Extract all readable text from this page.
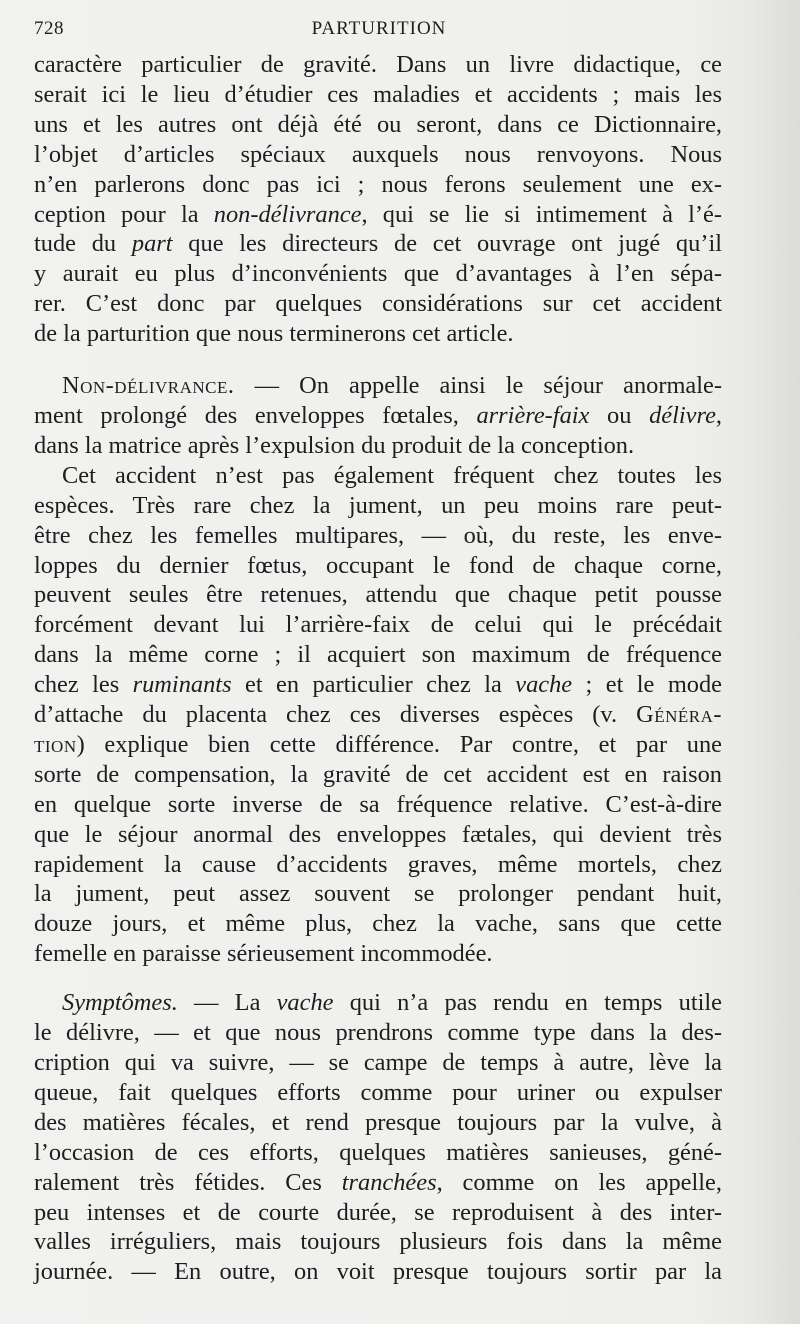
728	PARTURITION

caractère particulier de gravité. Dans un livre didactique, ce

serait ici le lieu d’étudier ces maladies et accidents ; mais les

uns et les autres ont déjà été ou seront, dans ce Dictionnaire,

l’objet d’articles spéciaux auxquels nous renvoyons. Nous

n’en parlerons donc pas ici ; nous ferons seulement une ex-

ception pour la non-délivrance, qui se lie si intimement à l’é-

tude du part que les directeurs de cet ouvrage ont jugé qu’il

y aurait eu plus d’inconvénients que d’avantages à l’en sépa-

rer. C’est donc par quelques considérations sur cet accident

de la parturition que nous terminerons cet article.

Non-délivrance. — On appelle ainsi le séjour anormale-

ment prolongé des enveloppes fœtales, arrière-faix ou délivre,

dans la matrice après l’expulsion du produit de la conception.

Cet accident n’est pas également fréquent chez toutes les

espèces. Très rare chez la jument, un peu moins rare peut-

être chez les femelles multipares, — où, du reste, les enve-

loppes du dernier fœtus, occupant le fond de chaque corne,

peuvent seules être retenues, attendu que chaque petit pousse

forcément devant lui l’arrière-faix de celui qui le précédait

dans la même corne ; il acquiert son maximum de fréquence

chez les ruminants et en particulier chez la vache ; et le mode

d’attache du placenta chez ces diverses espèces (v. Généra-

tion) explique bien cette différence. Par contre, et par une

sorte de compensation, la gravité de cet accident est en raison

en quelque sorte inverse de sa fréquence relative. C’est-à-dire

que le séjour anormal des enveloppes fætales, qui devient très

rapidement la cause d’accidents graves, même mortels, chez

la jument, peut assez souvent se prolonger pendant huit,

douze jours, et même plus, chez la vache, sans que cette

femelle en paraisse sérieusement incommodée.

Symptômes. — La vache qui n’a pas rendu en temps utile

le délivre, — et que nous prendrons comme type dans la des-

cription qui va suivre, — se campe de temps à autre, lève la

queue, fait quelques efforts comme pour uriner ou expulser

des matières fécales, et rend presque toujours par la vulve, à

l’occasion de ces efforts, quelques matières sanieuses, géné-

ralement très fétides. Ces tranchées, comme on les appelle,

peu intenses et de courte durée, se reproduisent à des inter-

valles irréguliers, mais toujours plusieurs fois dans la même

journée. — En outre, on voit presque toujours sortir par la
